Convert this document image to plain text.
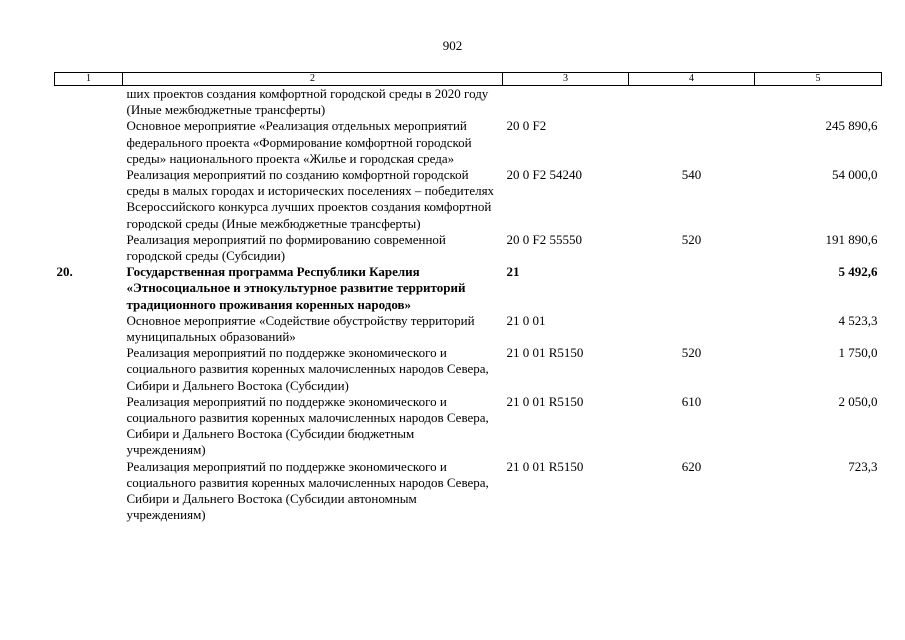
902
1	2	3	4	5
	ших проектов создания комфортной городской среды в 2020 году (Иные межбюджетные трансферты)			
	Основное мероприятие «Реализация отдельных мероприятий федерального проекта «Формирование комфортной городской среды» национального проекта «Жилье и городская среда»	20 0 F2		245 890,6
	Реализация мероприятий по созданию комфортной городской среды в малых городах и исторических поселениях – победителях Всероссийского конкурса лучших проектов создания комфортной городской среды (Иные межбюджетные трансферты)	20 0 F2 54240	540	54 000,0
	Реализация мероприятий по формированию современной городской среды (Субсидии)	20 0 F2 55550	520	191 890,6
20.	Государственная программа Республики Карелия «Этносоциальное и этнокультурное развитие территорий традиционного проживания коренных народов»	21		5 492,6
	Основное мероприятие «Содействие обустройству территорий муниципальных образований»	21 0 01		4 523,3
	Реализация мероприятий по поддержке экономического и социального развития коренных малочисленных народов Севера, Сибири и Дальнего Востока (Субсидии)	21 0 01 R5150	520	1 750,0
	Реализация мероприятий по поддержке экономического и социального развития коренных малочисленных народов Севера, Сибири и Дальнего Востока (Субсидии бюджетным учреждениям)	21 0 01 R5150	610	2 050,0
	Реализация мероприятий по поддержке экономического и социального развития коренных малочисленных народов Севера, Сибири и Дальнего Востока (Субсидии автономным учреждениям)	21 0 01 R5150	620	723,3
